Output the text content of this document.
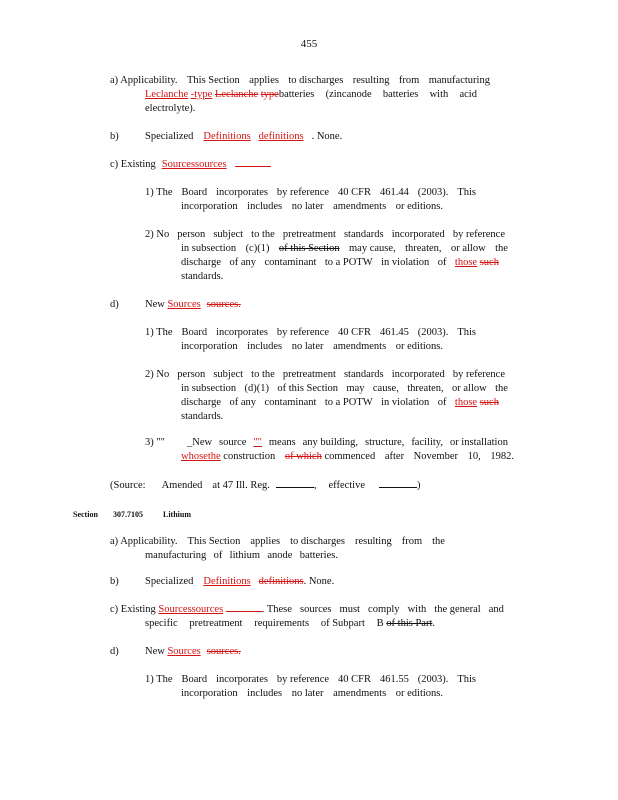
455
a) Applicability. This Section applies to discharges resulting from manufacturing
Leclanche -type Leclanche typebatteries (zincanode batteries with acid
electrolyte).
b)	Specialized Definitions definitions . None.
c) Existing Sourcessources
1) The Board incorporates by reference 40 CFR 461.44 (2003). This
incorporation includes no later amendments or editions.
2) No person subject to the pretreatment standards incorporated by reference
in subsection (c)(1) of this Section may cause, threaten, or allow the
discharge of any contaminant to a POTW in violation of those such
standards.
d)	New Sources sources.
1) The Board incorporates by reference 40 CFR 461.45 (2003). This
incorporation includes no later amendments or editions.
2) No person subject to the pretreatment standards incorporated by reference
in subsection (d)(1) of this Section may cause, threaten, or allow the
discharge of any contaminant to a POTW in violation of those such
standards.
3) "" _New source "" means any building, structure, facility, or installation
whosethe construction of which commenced after November 10, 1982.
(Source: Amended at 47 Ill. Reg.	, effective	)
Section 307.7105	Lithium
a) Applicability. This Section applies to discharges resulting from the
manufacturing of lithium anode batteries.
b)	Specialized Definitions definitions. None.
c) Existing Sourcessources	. These sources must comply with the general and
specific pretreatment requirements of Subpart B of this Part.
d)	New Sources sources.
1) The Board incorporates by reference 40 CFR 461.55 (2003). This
incorporation includes no later amendments or editions.
